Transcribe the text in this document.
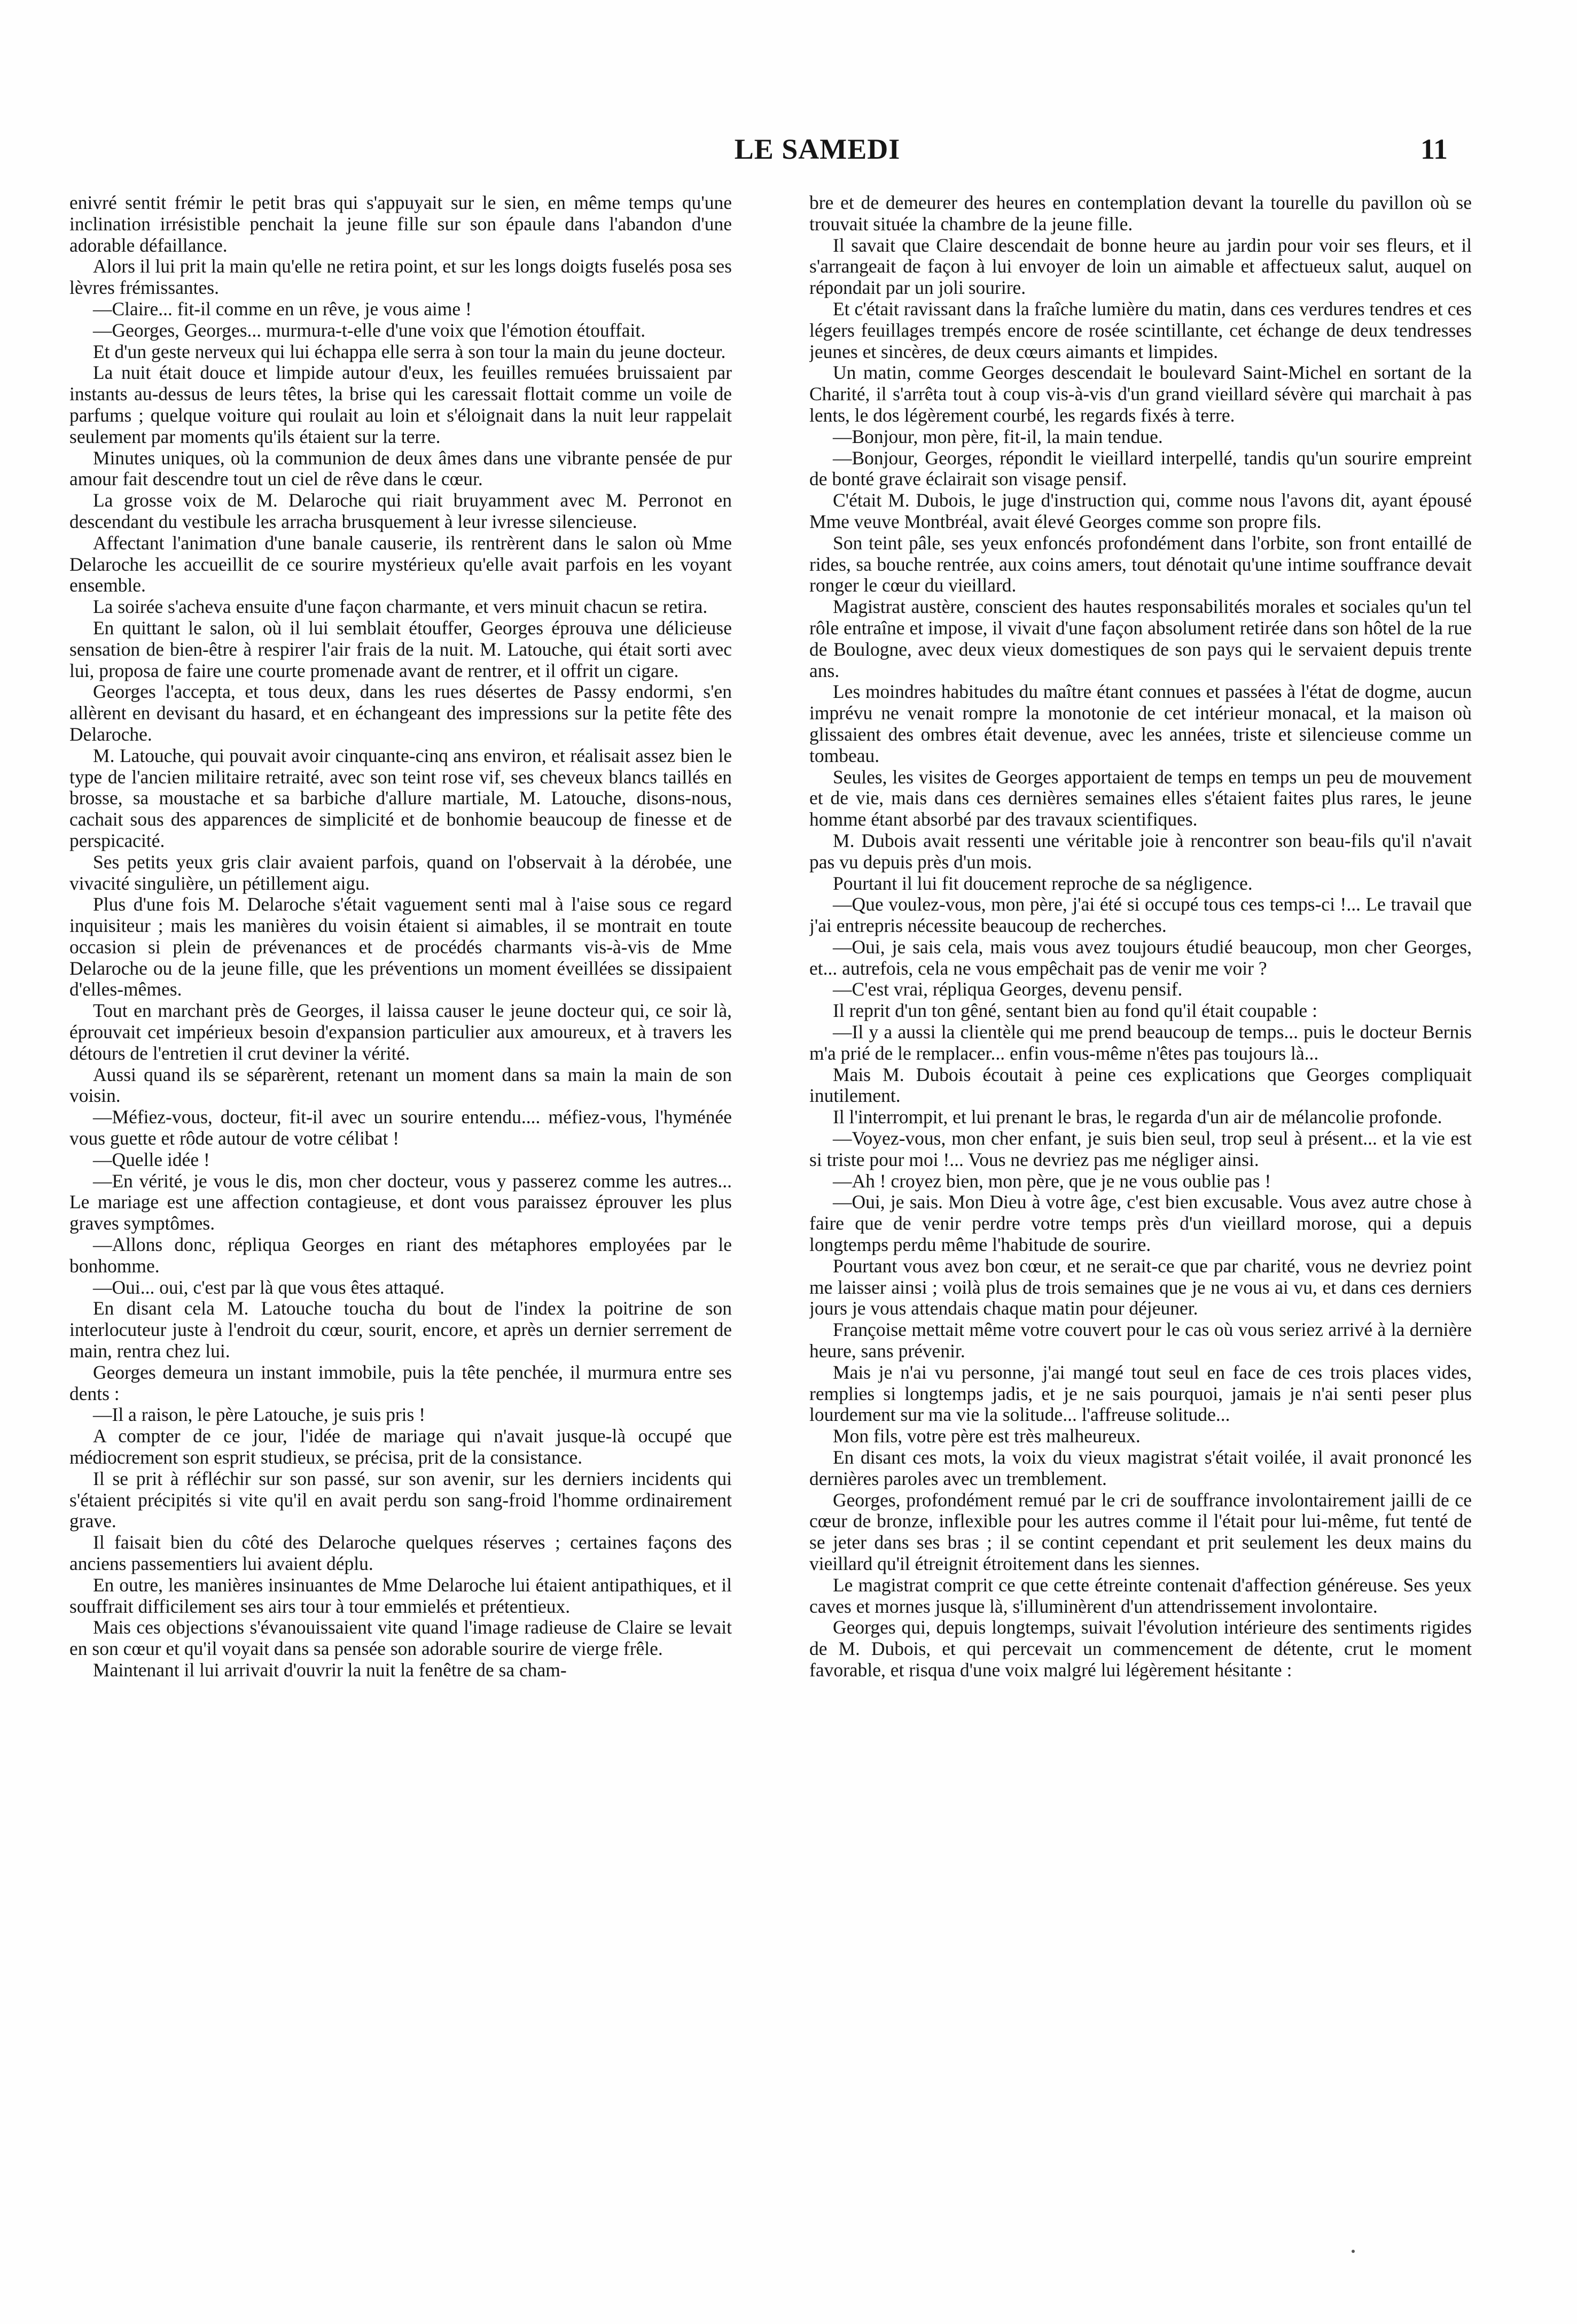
LE SAMEDI	11

enivré sentit frémir le petit bras qui s'appuyait sur le sien, en même temps qu'une inclination irrésistible penchait la jeune fille sur son épaule dans l'abandon d'une adorable défaillance.

Alors il lui prit la main qu'elle ne retira point, et sur les longs doigts fuselés posa ses lèvres frémissantes.

—Claire... fit-il comme en un rêve, je vous aime !

—Georges, Georges... murmura-t-elle d'une voix que l'émotion étouffait.

Et d'un geste nerveux qui lui échappa elle serra à son tour la main du jeune docteur.

La nuit était douce et limpide autour d'eux, les feuilles remuées bruissaient par instants au-dessus de leurs têtes, la brise qui les caressait flottait comme un voile de parfums ; quelque voiture qui roulait au loin et s'éloignait dans la nuit leur rappelait seulement par moments qu'ils étaient sur la terre.

Minutes uniques, où la communion de deux âmes dans une vibrante pensée de pur amour fait descendre tout un ciel de rêve dans le cœur.

La grosse voix de M. Delaroche qui riait bruyamment avec M. Perronot en descendant du vestibule les arracha brusquement à leur ivresse silencieuse.

Affectant l'animation d'une banale causerie, ils rentrèrent dans le salon où Mme Delaroche les accueillit de ce sourire mystérieux qu'elle avait parfois en les voyant ensemble.

La soirée s'acheva ensuite d'une façon charmante, et vers minuit chacun se retira.

En quittant le salon, où il lui semblait étouffer, Georges éprouva une délicieuse sensation de bien-être à respirer l'air frais de la nuit. M. Latouche, qui était sorti avec lui, proposa de faire une courte promenade avant de rentrer, et il offrit un cigare.

Georges l'accepta, et tous deux, dans les rues désertes de Passy endormi, s'en allèrent en devisant du hasard, et en échangeant des impressions sur la petite fête des Delaroche.

M. Latouche, qui pouvait avoir cinquante-cinq ans environ, et réalisait assez bien le type de l'ancien militaire retraité, avec son teint rose vif, ses cheveux blancs taillés en brosse, sa moustache et sa barbiche d'allure martiale, M. Latouche, disons-nous, cachait sous des apparences de simplicité et de bonhomie beaucoup de finesse et de perspicacité.

Ses petits yeux gris clair avaient parfois, quand on l'observait à la dérobée, une vivacité singulière, un pétillement aigu.

Plus d'une fois M. Delaroche s'était vaguement senti mal à l'aise sous ce regard inquisiteur ; mais les manières du voisin étaient si aimables, il se montrait en toute occasion si plein de prévenances et de procédés charmants vis-à-vis de Mme Delaroche ou de la jeune fille, que les préventions un moment éveillées se dissipaient d'elles-mêmes.

Tout en marchant près de Georges, il laissa causer le jeune docteur qui, ce soir là, éprouvait cet impérieux besoin d'expansion particulier aux amoureux, et à travers les détours de l'entretien il crut deviner la vérité.

Aussi quand ils se séparèrent, retenant un moment dans sa main la main de son voisin.

—Méfiez-vous, docteur, fit-il avec un sourire entendu.... méfiez-vous, l'hyménée vous guette et rôde autour de votre célibat !

—Quelle idée !

—En vérité, je vous le dis, mon cher docteur, vous y passerez comme les autres... Le mariage est une affection contagieuse, et dont vous paraissez éprouver les plus graves symptômes.

—Allons donc, répliqua Georges en riant des métaphores employées par le bonhomme.

—Oui... oui, c'est par là que vous êtes attaqué.

En disant cela M. Latouche toucha du bout de l'index la poitrine de son interlocuteur juste à l'endroit du cœur, sourit, encore, et après un dernier serrement de main, rentra chez lui.

Georges demeura un instant immobile, puis la tête penchée, il murmura entre ses dents :

—Il a raison, le père Latouche, je suis pris !

A compter de ce jour, l'idée de mariage qui n'avait jusque-là occupé que médiocrement son esprit studieux, se précisa, prit de la consistance.

Il se prit à réfléchir sur son passé, sur son avenir, sur les derniers incidents qui s'étaient précipités si vite qu'il en avait perdu son sang-froid l'homme ordinairement grave.

Il faisait bien du côté des Delaroche quelques réserves ; certaines façons des anciens passementiers lui avaient déplu.

En outre, les manières insinuantes de Mme Delaroche lui étaient antipathiques, et il souffrait difficilement ses airs tour à tour emmielés et prétentieux.

Mais ces objections s'évanouissaient vite quand l'image radieuse de Claire se levait en son cœur et qu'il voyait dans sa pensée son adorable sourire de vierge frêle.

Maintenant il lui arrivait d'ouvrir la nuit la fenêtre de sa cham-

bre et de demeurer des heures en contemplation devant la tourelle du pavillon où se trouvait située la chambre de la jeune fille.

Il savait que Claire descendait de bonne heure au jardin pour voir ses fleurs, et il s'arrangeait de façon à lui envoyer de loin un aimable et affectueux salut, auquel on répondait par un joli sourire.

Et c'était ravissant dans la fraîche lumière du matin, dans ces verdures tendres et ces légers feuillages trempés encore de rosée scintillante, cet échange de deux tendresses jeunes et sincères, de deux cœurs aimants et limpides.

Un matin, comme Georges descendait le boulevard Saint-Michel en sortant de la Charité, il s'arrêta tout à coup vis-à-vis d'un grand vieillard sévère qui marchait à pas lents, le dos légèrement courbé, les regards fixés à terre.

—Bonjour, mon père, fit-il, la main tendue.

—Bonjour, Georges, répondit le vieillard interpellé, tandis qu'un sourire empreint de bonté grave éclairait son visage pensif.

C'était M. Dubois, le juge d'instruction qui, comme nous l'avons dit, ayant épousé Mme veuve Montbréal, avait élevé Georges comme son propre fils.

Son teint pâle, ses yeux enfoncés profondément dans l'orbite, son front entaillé de rides, sa bouche rentrée, aux coins amers, tout dénotait qu'une intime souffrance devait ronger le cœur du vieillard.

Magistrat austère, conscient des hautes responsabilités morales et sociales qu'un tel rôle entraîne et impose, il vivait d'une façon absolument retirée dans son hôtel de la rue de Boulogne, avec deux vieux domestiques de son pays qui le servaient depuis trente ans.

Les moindres habitudes du maître étant connues et passées à l'état de dogme, aucun imprévu ne venait rompre la monotonie de cet intérieur monacal, et la maison où glissaient des ombres était devenue, avec les années, triste et silencieuse comme un tombeau.

Seules, les visites de Georges apportaient de temps en temps un peu de mouvement et de vie, mais dans ces dernières semaines elles s'étaient faites plus rares, le jeune homme étant absorbé par des travaux scientifiques.

M. Dubois avait ressenti une véritable joie à rencontrer son beau-fils qu'il n'avait pas vu depuis près d'un mois.

Pourtant il lui fit doucement reproche de sa négligence.

—Que voulez-vous, mon père, j'ai été si occupé tous ces temps-ci !... Le travail que j'ai entrepris nécessite beaucoup de recherches.

—Oui, je sais cela, mais vous avez toujours étudié beaucoup, mon cher Georges, et... autrefois, cela ne vous empêchait pas de venir me voir ?

—C'est vrai, répliqua Georges, devenu pensif.

Il reprit d'un ton gêné, sentant bien au fond qu'il était coupable :

—Il y a aussi la clientèle qui me prend beaucoup de temps... puis le docteur Bernis m'a prié de le remplacer... enfin vous-même n'êtes pas toujours là...

Mais M. Dubois écoutait à peine ces explications que Georges compliquait inutilement.

Il l'interrompit, et lui prenant le bras, le regarda d'un air de mélancolie profonde.

—Voyez-vous, mon cher enfant, je suis bien seul, trop seul à présent... et la vie est si triste pour moi !... Vous ne devriez pas me négliger ainsi.

—Ah ! croyez bien, mon père, que je ne vous oublie pas !

—Oui, je sais. Mon Dieu à votre âge, c'est bien excusable. Vous avez autre chose à faire que de venir perdre votre temps près d'un vieillard morose, qui a depuis longtemps perdu même l'habitude de sourire.

Pourtant vous avez bon cœur, et ne serait-ce que par charité, vous ne devriez point me laisser ainsi ; voilà plus de trois semaines que je ne vous ai vu, et dans ces derniers jours je vous attendais chaque matin pour déjeuner.

Françoise mettait même votre couvert pour le cas où vous seriez arrivé à la dernière heure, sans prévenir.

Mais je n'ai vu personne, j'ai mangé tout seul en face de ces trois places vides, remplies si longtemps jadis, et je ne sais pourquoi, jamais je n'ai senti peser plus lourdement sur ma vie la solitude... l'affreuse solitude...

Mon fils, votre père est très malheureux.

En disant ces mots, la voix du vieux magistrat s'était voilée, il avait prononcé les dernières paroles avec un tremblement.

Georges, profondément remué par le cri de souffrance involontairement jailli de ce cœur de bronze, inflexible pour les autres comme il l'était pour lui-même, fut tenté de se jeter dans ses bras ; il se contint cependant et prit seulement les deux mains du vieillard qu'il étreignit étroitement dans les siennes.

Le magistrat comprit ce que cette étreinte contenait d'affection généreuse. Ses yeux caves et mornes jusque là, s'illuminèrent d'un attendrissement involontaire.

Georges qui, depuis longtemps, suivait l'évolution intérieure des sentiments rigides de M. Dubois, et qui percevait un commencement de détente, crut le moment favorable, et risqua d'une voix malgré lui légèrement hésitante :
